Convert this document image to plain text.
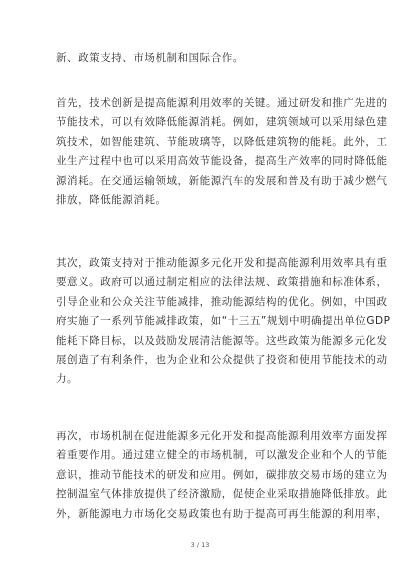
新、政策支持、市场机制和国际合作。
首先，技术创新是提高能源利用效率的关键。通过研发和推广先进的
节能技术，可以有效降低能源消耗。例如，建筑领域可以采用绿色建
筑技术，如智能建筑、节能玻璃等，以降低建筑物的能耗。此外，工
业生产过程中也可以采用高效节能设备，提高生产效率的同时降低能
源消耗。在交通运输领域，新能源汽车的发展和普及有助于减少燃气
排放，降低能源消耗。
其次，政策支持对于推动能源多元化开发和提高能源利用效率具有重
要意义。政府可以通过制定相应的法律法规、政策措施和标准体系，
引导企业和公众关注节能减排，推动能源结构的优化。例如，中国政
府实施了一系列节能减排政策，如“十三五”规划中明确提出单位GDP
能耗下降目标，以及鼓励发展清洁能源等。这些政策为能源多元化发
展创造了有利条件，也为企业和公众提供了投资和使用节能技术的动
力。
再次，市场机制在促进能源多元化开发和提高能源利用效率方面发挥
着重要作用。通过建立健全的市场机制，可以激发企业和个人的节能
意识，推动节能技术的研发和应用。例如，碳排放交易市场的建立为
控制温室气体排放提供了经济激励，促使企业采取措施降低排放。此
外，新能源电力市场化交易政策也有助于提高可再生能源的利用率，
3 / 13
